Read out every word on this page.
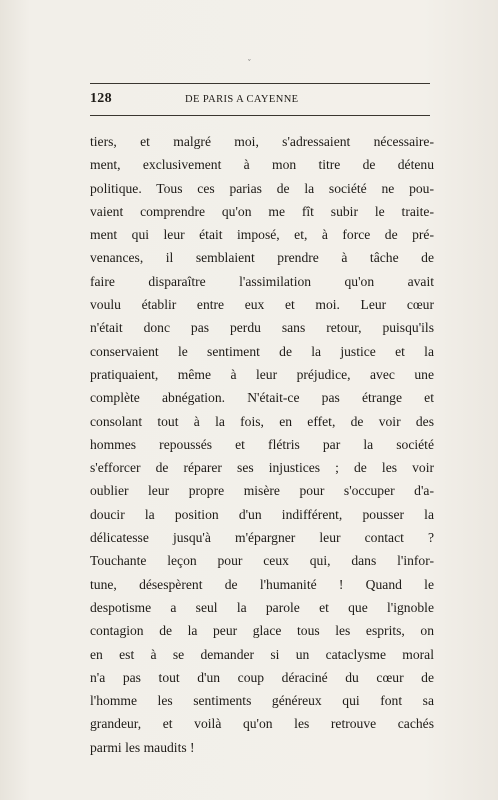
ˇ
128	DE PARIS A CAYENNE
tiers, et malgré moi, s'adressaient nécessaire-
ment, exclusivement à mon titre de détenu
politique. Tous ces parias de la société ne pou-
vaient comprendre qu'on me fît subir le traite-
ment qui leur était imposé, et, à force de pré-
venances, il semblaient prendre à tâche de
faire disparaître l'assimilation qu'on avait
voulu établir entre eux et moi. Leur cœur
n'était donc pas perdu sans retour, puisqu'ils
conservaient le sentiment de la justice et la
pratiquaient, même à leur préjudice, avec une
complète abnégation. N'était-ce pas étrange et
consolant tout à la fois, en effet, de voir des
hommes repoussés et flétris par la société
s'efforcer de réparer ses injustices ; de les voir
oublier leur propre misère pour s'occuper d'a-
doucir la position d'un indifférent, pousser la
délicatesse jusqu'à m'épargner leur contact ?
Touchante leçon pour ceux qui, dans l'infor-
tune, désespèrent de l'humanité ! Quand le
despotisme a seul la parole et que l'ignoble
contagion de la peur glace tous les esprits, on
en est à se demander si un cataclysme moral
n'a pas tout d'un coup déraciné du cœur de
l'homme les sentiments généreux qui font sa
grandeur, et voilà qu'on les retrouve cachés
parmi les maudits !
